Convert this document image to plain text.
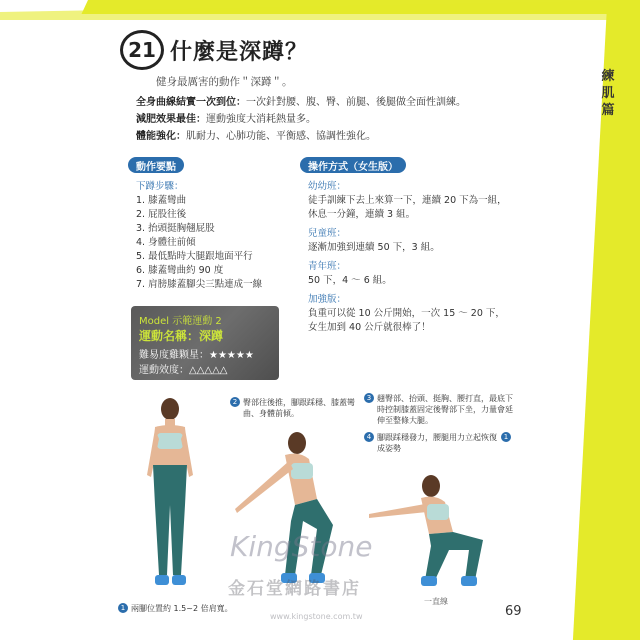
練肌篇
21 什麼是深蹲？
健身最厲害的動作＂深蹲＂。
全身曲線結實一次到位：一次針對腰、腹、臀、前腿、後腿做全面性訓練。
減肥效果最佳：運動強度大消耗熱量多。
體能強化：肌耐力、心肺功能、平衡感、協調性強化。
動作要點	操作方式（女生版）
下蹲步驟：
1. 膝蓋彎曲
2. 屁股往後
3. 抬頭挺胸翹屁股
4. 身體往前傾
5. 最低點時大腿跟地面平行
6. 膝蓋彎曲約 90 度
7. 肩膀膝蓋腳尖三點連成一線
幼幼班：
徒手訓練下去上來算一下，連續 20 下為一組，休息一分鐘，連續 3 組。
兒童班：
逐漸加強到連續 50 下，3 組。
青年班：
50 下，4 ～ 6 組。
加強版：
負重可以從 10 公斤開始，一次 15 ～ 20 下，女生加到 40 公斤就很棒了！
Model 示範運動 2
運動名稱：深蹲
難易度雞颗星：★★★★★
運動效度：△△△△△
2 臀部往後推，腳跟踩穩、膝蓋彎曲、身體前傾。
3 翹臀部、抬頭、挺胸、腰打直，最底下時控制膝蓋固定後臀部下坐，力量會延伸至整條大腿。
4 腳跟踩穩發力，腰腿用力立起恢復成姿勢
1
1 兩腳位置約 1.5~2 倍肩寬。
一直線
KingStone
金石堂網路書店
www.kingstone.com.tw	69
